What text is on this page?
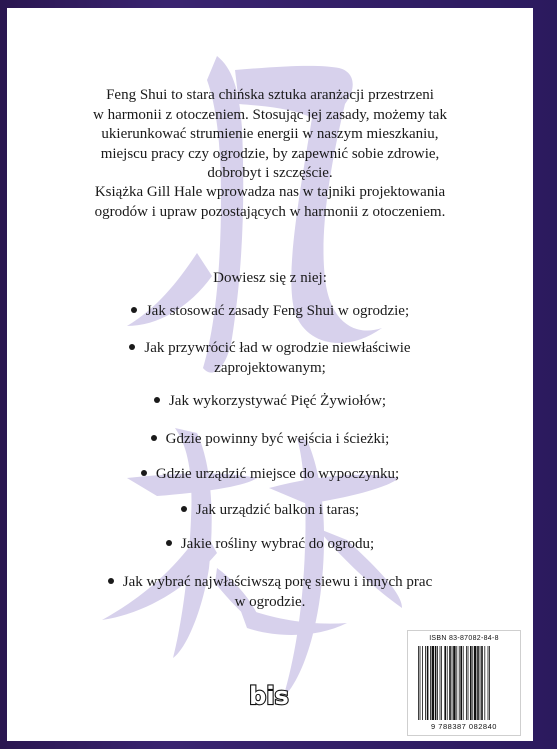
Feng Shui to stara chińska sztuka aranżacji przestrzeni
w harmonii z otoczeniem. Stosując jej zasady, możemy tak
ukierunkować strumienie energii w naszym mieszkaniu,
miejscu pracy czy ogrodzie, by zapewnić sobie zdrowie,
dobrobyt i szczęście.
Książka Gill Hale wprowadza nas w tajniki projektowania
ogrodów i upraw pozostających w harmonii z otoczeniem.
Dowiesz się z niej:
Jak stosować zasady Feng Shui w ogrodzie;
Jak przywrócić ład w ogrodzie niewłaściwie
zaprojektowanym;
Jak wykorzystywać Pięć Żywiołów;
Gdzie powinny być wejścia i ścieżki;
Gdzie urządzić miejsce do wypoczynku;
Jak urządzić balkon i taras;
Jakie rośliny wybrać do ogrodu;
Jak wybrać najwłaściwszą porę siewu i innych prac
w ogrodzie.
bis
ISBN 83-87082-84-8
9 788387 082840
